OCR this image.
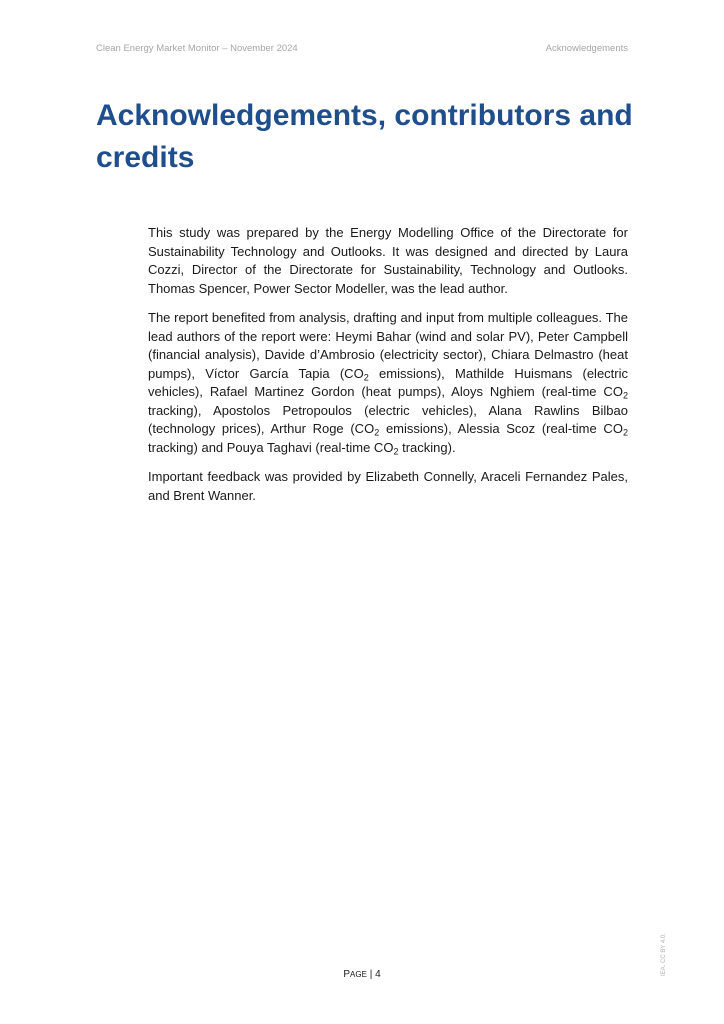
Clean Energy Market Monitor – November 2024	Acknowledgements
Acknowledgements, contributors and credits

This study was prepared by the Energy Modelling Office of the Directorate for Sustainability Technology and Outlooks. It was designed and directed by Laura Cozzi, Director of the Directorate for Sustainability, Technology and Outlooks. Thomas Spencer, Power Sector Modeller, was the lead author.

The report benefited from analysis, drafting and input from multiple colleagues. The lead authors of the report were: Heymi Bahar (wind and solar PV), Peter Campbell (financial analysis), Davide d’Ambrosio (electricity sector), Chiara Delmastro (heat pumps), Víctor García Tapia ($CO_2$ emissions), Mathilde Huismans (electric vehicles), Rafael Martinez Gordon (heat pumps), Aloys Nghiem (real-time $CO_2$ tracking), Apostolos Petropoulos (electric vehicles), Alana Rawlins Bilbao (technology prices), Arthur Roge ($CO_2$ emissions), Alessia Scoz (real-time $CO_2$ tracking) and Pouya Taghavi (real-time $CO_2$ tracking).

Important feedback was provided by Elizabeth Connelly, Araceli Fernandez Pales, and Brent Wanner.

PAGE | 4	IEA. CC BY 4.0.
